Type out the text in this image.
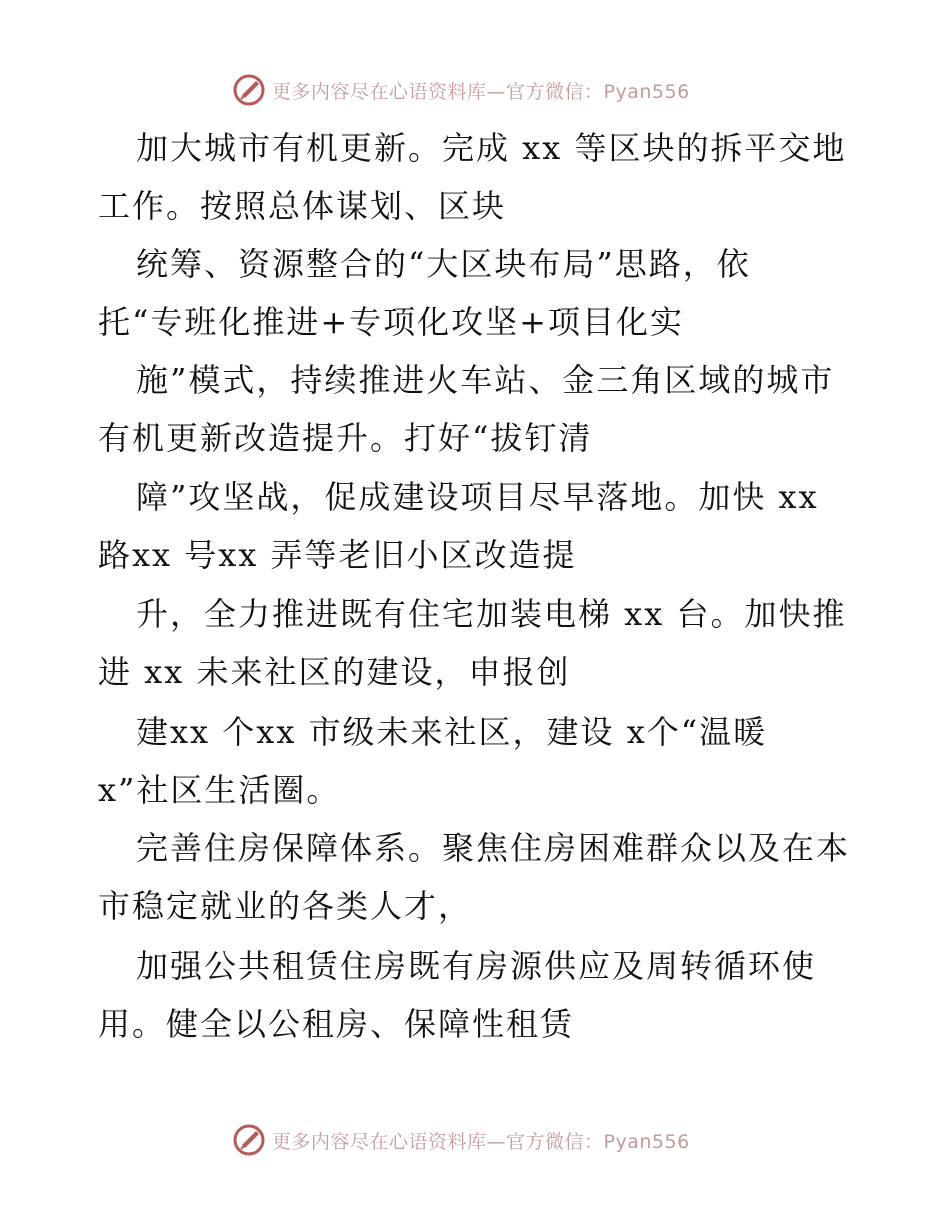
更多内容尽在心语资料库—官方微信：Pyan556
加大城市有机更新。完成 xx 等区块的拆平交地
工作。按照总体谋划、区块
统筹、资源整合的“大区块布局”思路，依
托“专班化推进+专项化攻坚+项目化实
施”模式，持续推进火车站、金三角区域的城市
有机更新改造提升。打好“拔钉清
障”攻坚战，促成建设项目尽早落地。加快 xx
路xx 号xx 弄等老旧小区改造提
升，全力推进既有住宅加装电梯 xx 台。加快推
进 xx 未来社区的建设，申报创
建xx 个xx 市级未来社区，建设 x个“温暖
x”社区生活圈。
完善住房保障体系。聚焦住房困难群众以及在本
市稳定就业的各类人才，
加强公共租赁住房既有房源供应及周转循环使
用。健全以公租房、保障性租赁
更多内容尽在心语资料库—官方微信：Pyan556
